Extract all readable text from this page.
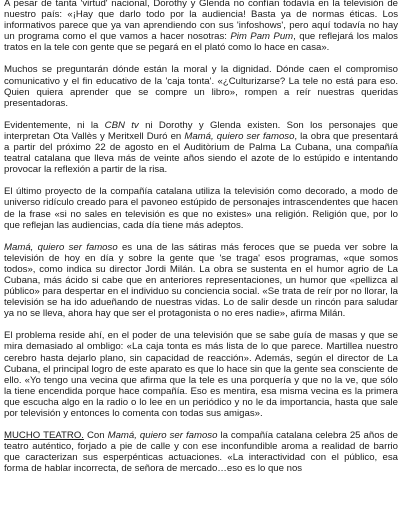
A pesar de tanta 'virtud' nacional, Dorothy y Glenda no confían todavía en la televisión de nuestro país: «¡Hay que darlo todo por la audiencia! Basta ya de normas éticas. Los informativos parece que ya van aprendiendo con sus 'infoshows', pero aquí todavía no hay un programa como el que vamos a hacer nosotras: Pim Pam Pum, que reflejará los malos tratos en la tele con gente que se pegará en el plató como lo hace en casa».

Muchos se preguntarán dónde están la moral y la dignidad. Dónde caen el compromiso comunicativo y el fin educativo de la 'caja tonta'. «¿Culturizarse? La tele no está para eso. Quien quiera aprender que se compre un libro», rompen a reír nuestras queridas presentadoras.

Evidentemente, ni la CBN tv ni Dorothy y Glenda existen. Son los personajes que interpretan Ota Vallès y Meritxell Duró en Mamá, quiero ser famoso, la obra que presentará a partir del próximo 22 de agosto en el Auditòrium de Palma La Cubana, una compañía teatral catalana que lleva más de veinte años siendo el azote de lo estúpido e intentando provocar la reflexión a partir de la risa.

El último proyecto de la compañía catalana utiliza la televisión como decorado, a modo de universo ridículo creado para el pavoneo estúpido de personajes intrascendentes que hacen de la frase «si no sales en televisión es que no existes» una religión. Religión que, por lo que reflejan las audiencias, cada día tiene más adeptos.

Mamá, quiero ser famoso es una de las sátiras más feroces que se pueda ver sobre la televisión de hoy en día y sobre la gente que 'se traga' esos programas, «que somos todos», como indica su director Jordi Milán. La obra se sustenta en el humor agrio de La Cubana, más ácido si cabe que en anteriores representaciones, un humor que «pellizca al público» para despertar en el individuo su conciencia social. «Se trata de reír por no llorar, la televisión se ha ido adueñando de nuestras vidas. Lo de salir desde un rincón para saludar ya no se lleva, ahora hay que ser el protagonista o no eres nadie», afirma Milán.

El problema reside ahí, en el poder de una televisión que se sabe guía de masas y que se mira demasiado al ombligo: «La caja tonta es más lista de lo que parece. Martillea nuestro cerebro hasta dejarlo plano, sin capacidad de reacción». Además, según el director de La Cubana, el principal logro de este aparato es que lo hace sin que la gente sea consciente de ello. «Yo tengo una vecina que afirma que la tele es una porquería y que no la ve, que sólo la tiene encendida porque hace compañía. Eso es mentira, esa misma vecina es la primera que escucha algo en la radio o lo lee en un periódico y no le da importancia, hasta que sale por televisión y entonces lo comenta con todas sus amigas».

MUCHO TEATRO. Con Mamá, quiero ser famoso la compañía catalana celebra 25 años de teatro auténtico, forjado a pie de calle y con ese inconfundible aroma a realidad de barrio que caracterizan sus esperpénticas actuaciones. «La interactividad con el público, esa forma de hablar incorrecta, de señora de mercado…eso es lo que nos
